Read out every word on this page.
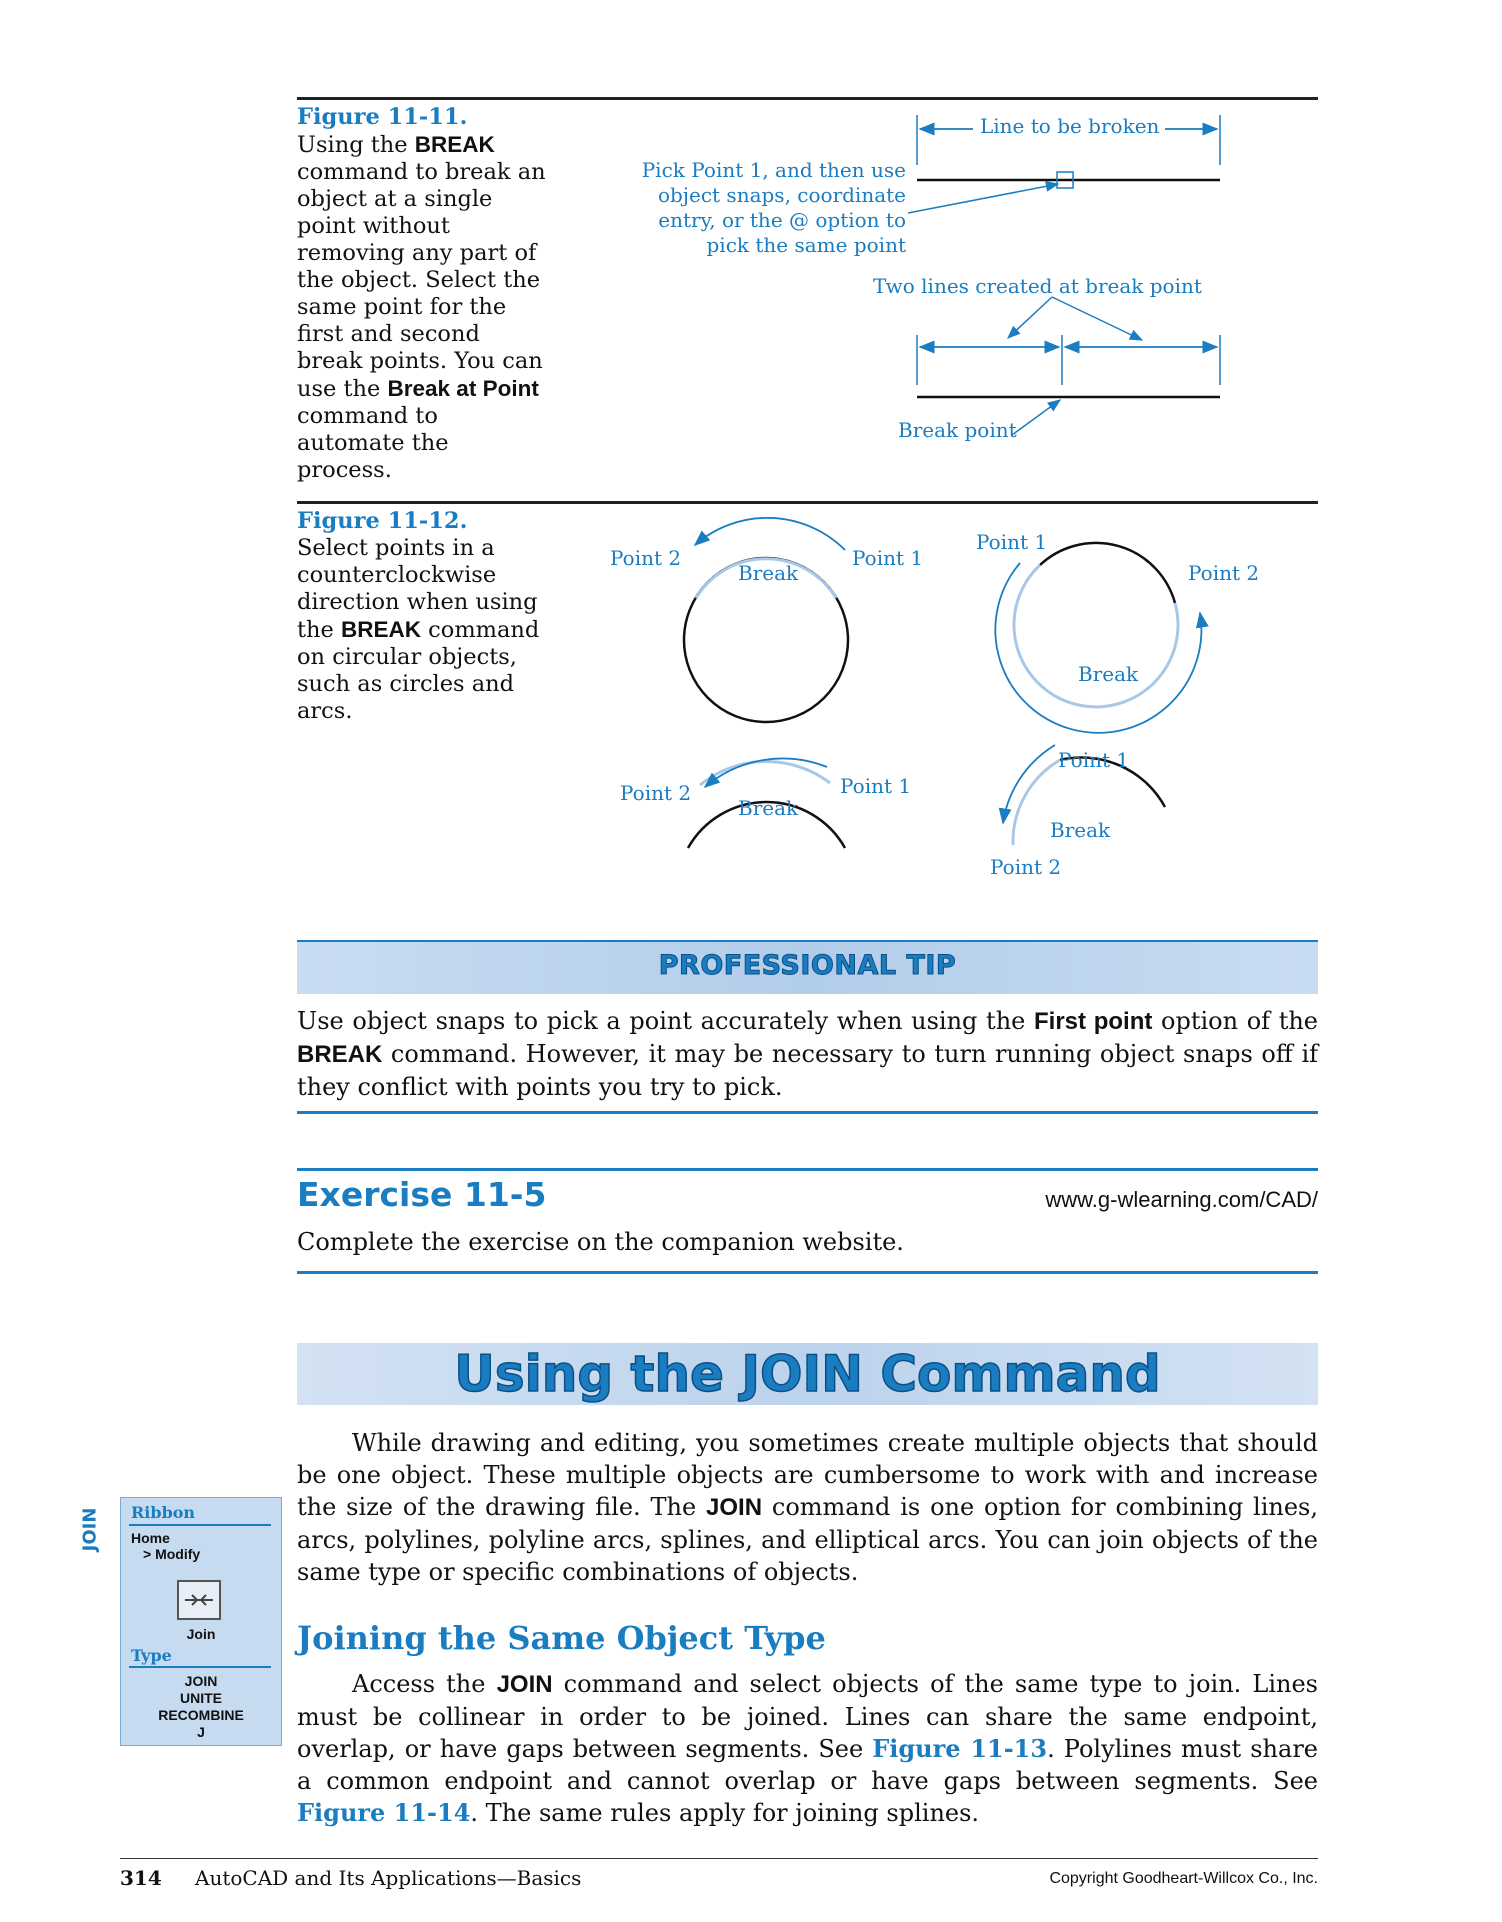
Figure 11-11.
Using the BREAK command to break an object at a single point without removing any part of the object. Select the same point for the first and second break points. You can use the Break at Point command to automate the process.
Line to be broken
Pick Point 1, and then use
object snaps, coordinate
entry, or the @ option to
pick the same point
Two lines created at break point
Break point
Figure 11-12.
Select points in a counterclockwise direction when using the BREAK command on circular objects, such as circles and arcs.
Point 2	Point 1
Break
Point 1
Point 2
Break
Point 2	Point 1
Break
Point 1
Break
Point 2
PROFESSIONAL TIP
Use object snaps to pick a point accurately when using the First point option of the BREAK command. However, it may be necessary to turn running object snaps off if they conflict with points you try to pick.
Exercise 11-5	www.g-wlearning.com/CAD/
Complete the exercise on the companion website.
Using the JOIN Command
While drawing and editing, you sometimes create multiple objects that should be one object. These multiple objects are cumbersome to work with and increase the size of the drawing file. The JOIN command is one option for combining lines, arcs, polylines, polyline arcs, splines, and elliptical arcs. You can join objects of the same type or specific combinations of objects.
Joining the Same Object Type
Access the JOIN command and select objects of the same type to join. Lines must be collinear in order to be joined. Lines can share the same endpoint, overlap, or have gaps between segments. See Figure 11-13. Polylines must share a common endpoint and cannot overlap or have gaps between segments. See Figure 11-14. The same rules apply for joining splines.
JOIN Ribbon
Home
> Modify
Join
Type
JOIN
UNITE
RECOMBINE
J
314 AutoCAD and Its Applications—Basics	Copyright Goodheart-Willcox Co., Inc.
